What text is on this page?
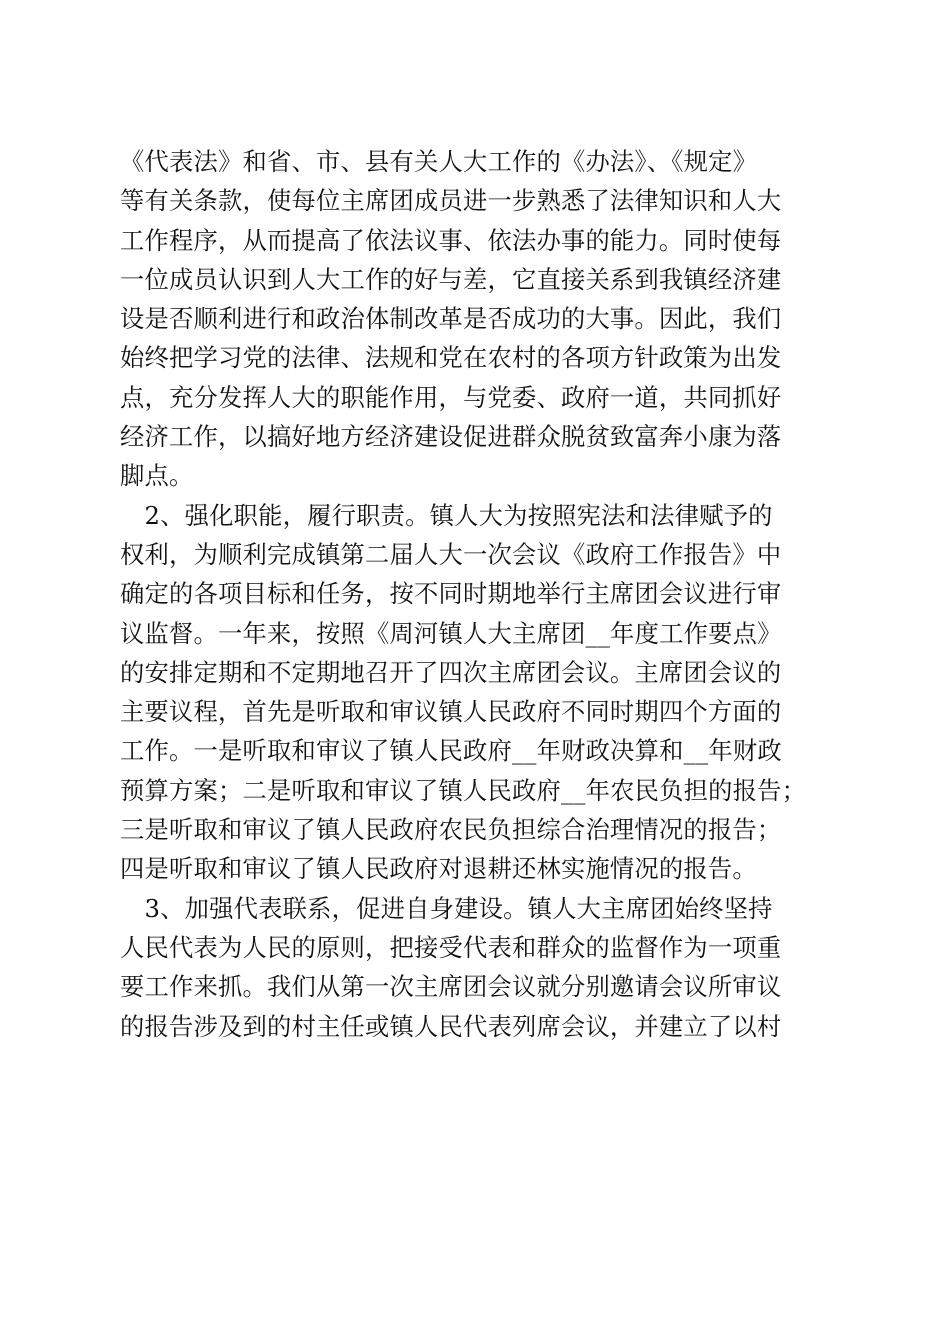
《代表法》和省、市、县有关人大工作的《办法》、《规定》
等有关条款，使每位主席团成员进一步熟悉了法律知识和人大
工作程序，从而提高了依法议事、依法办事的能力。同时使每
一位成员认识到人大工作的好与差，它直接关系到我镇经济建
设是否顺利进行和政治体制改革是否成功的大事。因此，我们
始终把学习党的法律、法规和党在农村的各项方针政策为出发
点，充分发挥人大的职能作用，与党委、政府一道，共同抓好
经济工作，以搞好地方经济建设促进群众脱贫致富奔小康为落
脚点。
　2、强化职能，履行职责。镇人大为按照宪法和法律赋予的
权利，为顺利完成镇第二届人大一次会议《政府工作报告》中
确定的各项目标和任务，按不同时期地举行主席团会议进行审
议监督。一年来，按照《周河镇人大主席团__年度工作要点》
的安排定期和不定期地召开了四次主席团会议。主席团会议的
主要议程，首先是听取和审议镇人民政府不同时期四个方面的
工作。一是听取和审议了镇人民政府__年财政决算和__年财政
预算方案；二是听取和审议了镇人民政府__年农民负担的报告；
三是听取和审议了镇人民政府农民负担综合治理情况的报告；
四是听取和审议了镇人民政府对退耕还林实施情况的报告。
　3、加强代表联系，促进自身建设。镇人大主席团始终坚持
人民代表为人民的原则，把接受代表和群众的监督作为一项重
要工作来抓。我们从第一次主席团会议就分别邀请会议所审议
的报告涉及到的村主任或镇人民代表列席会议，并建立了以村
